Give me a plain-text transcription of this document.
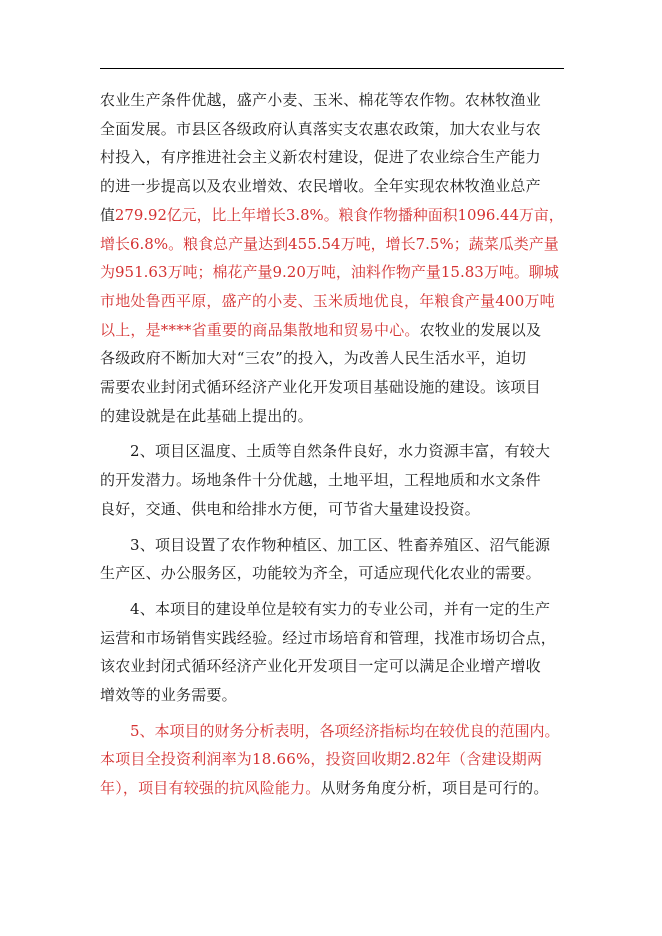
农业生产条件优越，盛产小麦、玉米、棉花等农作物。农林牧渔业
全面发展。市县区各级政府认真落实支农惠农政策，加大农业与农
村投入，有序推进社会主义新农村建设，促进了农业综合生产能力
的进一步提高以及农业增效、农民增收。全年实现农林牧渔业总产
值279.92亿元，比上年增长3.8%。粮食作物播种面积1096.44万亩，
增长6.8%。粮食总产量达到455.54万吨，增长7.5%；蔬菜瓜类产量
为951.63万吨；棉花产量9.20万吨，油料作物产量15.83万吨。聊城
市地处鲁西平原，盛产的小麦、玉米质地优良，年粮食产量400万吨
以上，是****省重要的商品集散地和贸易中心。农牧业的发展以及
各级政府不断加大对“三农”的投入，为改善人民生活水平，迫切
需要农业封闭式循环经济产业化开发项目基础设施的建设。该项目
的建设就是在此基础上提出的。
2、项目区温度、土质等自然条件良好，水力资源丰富，有较大
的开发潜力。场地条件十分优越，土地平坦，工程地质和水文条件
良好，交通、供电和给排水方便，可节省大量建设投资。
3、项目设置了农作物种植区、加工区、牲畜养殖区、沼气能源
生产区、办公服务区，功能较为齐全，可适应现代化农业的需要。
4、本项目的建设单位是较有实力的专业公司，并有一定的生产
运营和市场销售实践经验。经过市场培育和管理，找准市场切合点，
该农业封闭式循环经济产业化开发项目一定可以满足企业增产增收
增效等的业务需要。
5、本项目的财务分析表明，各项经济指标均在较优良的范围内。
本项目全投资利润率为18.66%，投资回收期2.82年（含建设期两
年），项目有较强的抗风险能力。从财务角度分析，项目是可行的。
